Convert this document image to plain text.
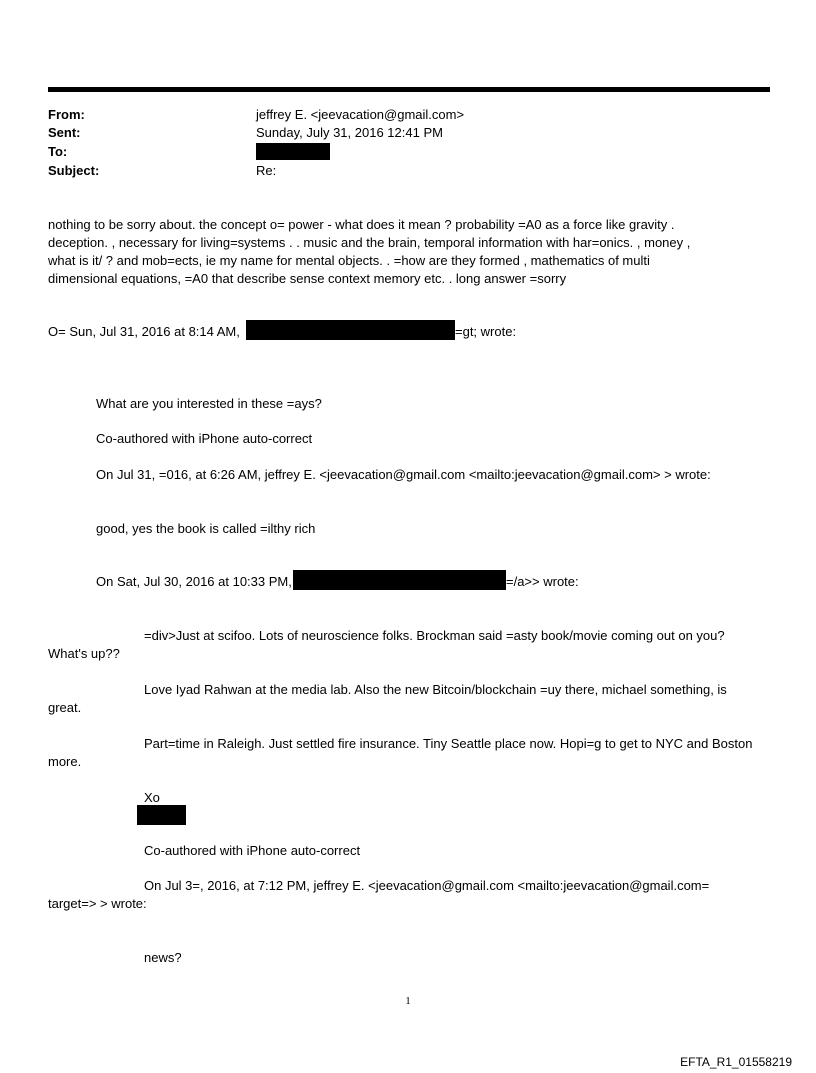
From:	jeffrey E. <jeevacation@gmail.com>
Sent:	Sunday, July 31, 2016 12:41 PM
To:
Subject:	Re:
nothing to be sorry about. the concept o= power - what does it mean ? probability =A0 as a force like gravity .
deception. , necessary for living=systems . . music and the brain, temporal information with har=onics. , money ,
what is it/ ? and mob=ects, ie my name for mental objects. . =how are they formed , mathematics of multi
dimensional equations, =A0 that describe sense context memory etc. . long answer =sorry
O= Sun, Jul 31, 2016 at 8:14 AM,	=gt; wrote:
What are you interested in these =ays?
Co-authored with iPhone auto-correct
On Jul 31, =016, at 6:26 AM, jeffrey E. <jeevacation@gmail.com <mailto:jeevacation@gmail.com> > wrote:
good, yes the book is called =ilthy rich
On Sat, Jul 30, 2016 at 10:33 PM,	=/a>> wrote:
=div>Just at scifoo. Lots of neuroscience folks. Brockman said =asty book/movie coming out on you?
What's up??
Love Iyad Rahwan at the media lab. Also the new Bitcoin/blockchain =uy there, michael something, is
great.
Part=time in Raleigh. Just settled fire insurance. Tiny Seattle place now. Hopi=g to get to NYC and Boston
more.
Xo
Co-authored with iPhone auto-correct
On Jul 3=, 2016, at 7:12 PM, jeffrey E. <jeevacation@gmail.com <mailto:jeevacation@gmail.com=
target=> > wrote:
news?
1
EFTA_R1_01558219
